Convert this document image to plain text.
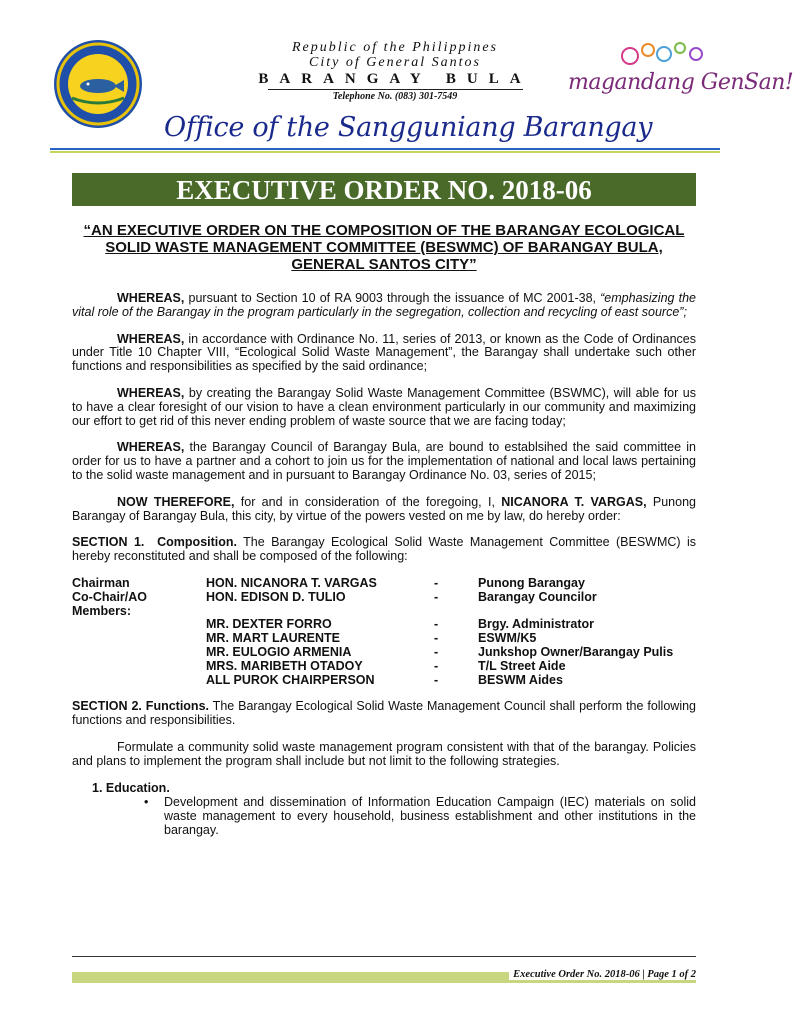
Republic of the Philippines
City of General Santos
BARANGAY BULA
Telephone No. (083) 301-7549
magandang GenSan!
Office of the Sangguniang Barangay
EXECUTIVE ORDER NO. 2018-06
“AN EXECUTIVE ORDER ON THE COMPOSITION OF THE BARANGAY ECOLOGICAL SOLID WASTE MANAGEMENT COMMITTEE (BESWMC) OF BARANGAY BULA, GENERAL SANTOS CITY”

WHEREAS, pursuant to Section 10 of RA 9003 through the issuance of MC 2001-38, “emphasizing the vital role of the Barangay in the program particularly in the segregation, collection and recycling of east source”;

WHEREAS, in accordance with Ordinance No. 11, series of 2013, or known as the Code of Ordinances under Title 10 Chapter VIII, “Ecological Solid Waste Management”, the Barangay shall undertake such other functions and responsibilities as specified by the said ordinance;

WHEREAS, by creating the Barangay Solid Waste Management Committee (BSWMC), will able for us to have a clear foresight of our vision to have a clean environment particularly in our community and maximizing our effort to get rid of this never ending problem of waste source that we are facing today;

WHEREAS, the Barangay Council of Barangay Bula, are bound to establsihed the said committee in order for us to have a partner and a cohort to join us for the implementation of national and local laws pertaining to the solid waste management and in pursuant to Barangay Ordinance No. 03, series of 2015;

NOW THEREFORE, for and in consideration of the foregoing, I, NICANORA T. VARGAS, Punong Barangay of Barangay Bula, this city, by virtue of the powers vested on me by law, do hereby order:

SECTION 1. Composition. The Barangay Ecological Solid Waste Management Committee (BESWMC) is hereby reconstituted and shall be composed of the following:

Chairman	HON. NICANORA T. VARGAS	-	Punong Barangay
Co-Chair/AO	HON. EDISON D. TULIO	-	Barangay Councilor
Members:			
	MR. DEXTER FORRO	-	Brgy. Administrator
	MR. MART LAURENTE	-	ESWM/K5
	MR. EULOGIO ARMENIA	-	Junkshop Owner/Barangay Pulis
	MRS. MARIBETH OTADOY	-	T/L Street Aide
	ALL PUROK CHAIRPERSON	-	BESWM Aides

SECTION 2. Functions. The Barangay Ecological Solid Waste Management Council shall perform the following functions and responsibilities.

Formulate a community solid waste management program consistent with that of the barangay. Policies and plans to implement the program shall include but not limit to the following strategies.

1. Education.
•	Development and dissemination of Information Education Campaign (IEC) materials on solid waste management to every household, business establishment and other institutions in the barangay.
Executive Order No. 2018-06 | Page 1 of 2
